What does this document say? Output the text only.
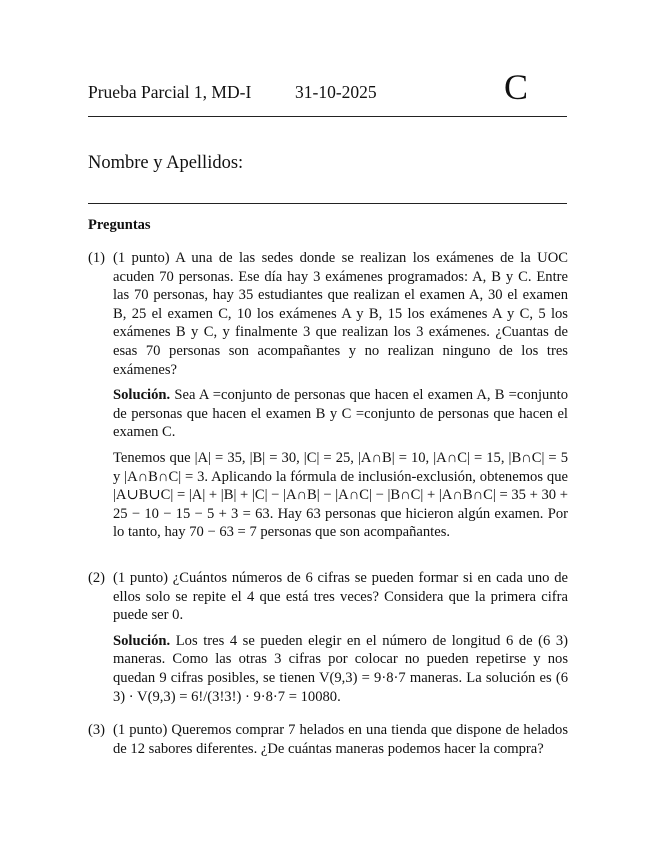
Prueba Parcial 1, MD-I 31-10-2025	C
Nombre y Apellidos:
Preguntas
(1) (1 punto) A una de las sedes donde se realizan los exámenes de la UOC acuden 70 personas. Ese día hay 3 exámenes programados: A, B y C. Entre las 70 personas, hay 35 estudiantes que realizan el examen A, 30 el examen B, 25 el examen C, 10 los exámenes A y B, 15 los exámenes A y C, 5 los exámenes B y C, y finalmente 3 que realizan los 3 exámenes. ¿Cuantas de esas 70 personas son acompañantes y no realizan ninguno de los tres exámenes?

Solución. Sea A =conjunto de personas que hacen el examen A, B =conjunto de personas que hacen el examen B y C =conjunto de personas que hacen el examen C.

Tenemos que |A| = 35, |B| = 30, |C| = 25, |A∩B| = 10, |A∩C| = 15, |B∩C| = 5 y |A∩B∩C| = 3. Aplicando la fórmula de inclusión-exclusión, obtenemos que |A∪B∪C| = |A| + |B| + |C| − |A∩B| − |A∩C| − |B∩C| + |A∩B∩C| = 35 + 30 + 25 − 10 − 15 − 5 + 3 = 63. Hay 63 personas que hicieron algún examen. Por lo tanto, hay 70 − 63 = 7 personas que son acompañantes.

(2) (1 punto) ¿Cuántos números de 6 cifras se pueden formar si en cada uno de ellos solo se repite el 4 que está tres veces? Considera que la primera cifra puede ser 0.

Solución. Los tres 4 se pueden elegir en el número de longitud 6 de (6 3) maneras. Como las otras 3 cifras por colocar no pueden repetirse y nos quedan 9 cifras posibles, se tienen V(9,3) = 9·8·7 maneras. La solución es (6 3) · V(9,3) = 6!/(3!3!) · 9·8·7 = 10080.

(3) (1 punto) Queremos comprar 7 helados en una tienda que dispone de helados de 12 sabores diferentes. ¿De cuántas maneras podemos hacer la compra?
